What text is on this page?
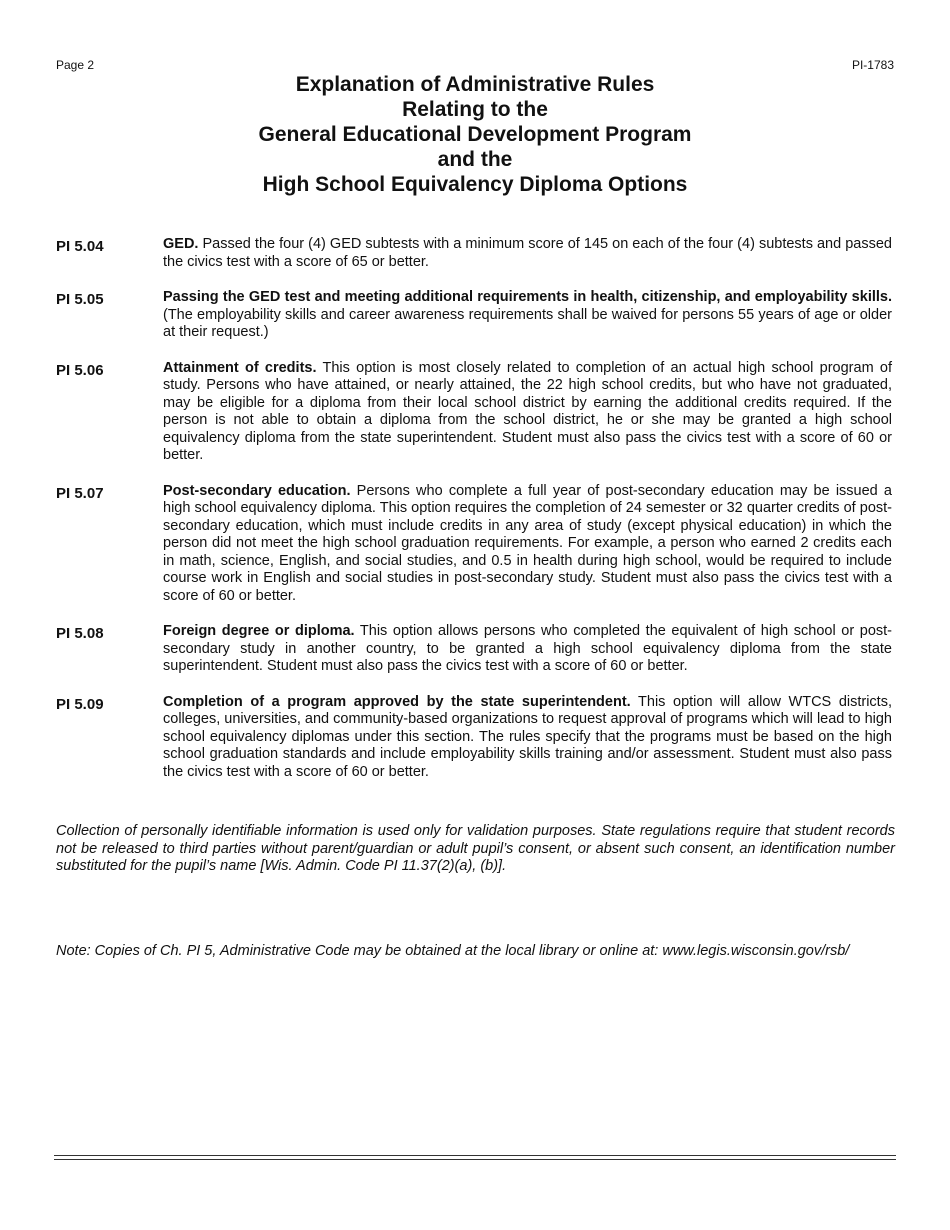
Page 2	PI-1783
Explanation of Administrative Rules
Relating to the
General Educational Development Program
and the
High School Equivalency Diploma Options
PI 5.04	GED. Passed the four (4) GED subtests with a minimum score of 145 on each of the four (4) subtests and passed the civics test with a score of 65 or better.
PI 5.05	Passing the GED test and meeting additional requirements in health, citizenship, and employability skills. (The employability skills and career awareness requirements shall be waived for persons 55 years of age or older at their request.)
PI 5.06	Attainment of credits. This option is most closely related to completion of an actual high school program of study. Persons who have attained, or nearly attained, the 22 high school credits, but who have not graduated, may be eligible for a diploma from their local school district by earning the additional credits required. If the person is not able to obtain a diploma from the school district, he or she may be granted a high school equivalency diploma from the state superintendent. Student must also pass the civics test with a score of 60 or better.
PI 5.07	Post-secondary education. Persons who complete a full year of post-secondary education may be issued a high school equivalency diploma. This option requires the completion of 24 semester or 32 quarter credits of post-secondary education, which must include credits in any area of study (except physical education) in which the person did not meet the high school graduation requirements. For example, a person who earned 2 credits each in math, science, English, and social studies, and 0.5 in health during high school, would be required to include course work in English and social studies in post-secondary study. Student must also pass the civics test with a score of 60 or better.
PI 5.08	Foreign degree or diploma. This option allows persons who completed the equivalent of high school or post-secondary study in another country, to be granted a high school equivalency diploma from the state superintendent. Student must also pass the civics test with a score of 60 or better.
PI 5.09	Completion of a program approved by the state superintendent. This option will allow WTCS districts, colleges, universities, and community-based organizations to request approval of programs which will lead to high school equivalency diplomas under this section. The rules specify that the programs must be based on the high school graduation standards and include employability skills training and/or assessment. Student must also pass the civics test with a score of 60 or better.
Collection of personally identifiable information is used only for validation purposes. State regulations require that student records not be released to third parties without parent/guardian or adult pupil’s consent, or absent such consent, an identification number substituted for the pupil’s name [Wis. Admin. Code PI 11.37(2)(a), (b)].
Note: Copies of Ch. PI 5, Administrative Code may be obtained at the local library or online at: www.legis.wisconsin.gov/rsb/
